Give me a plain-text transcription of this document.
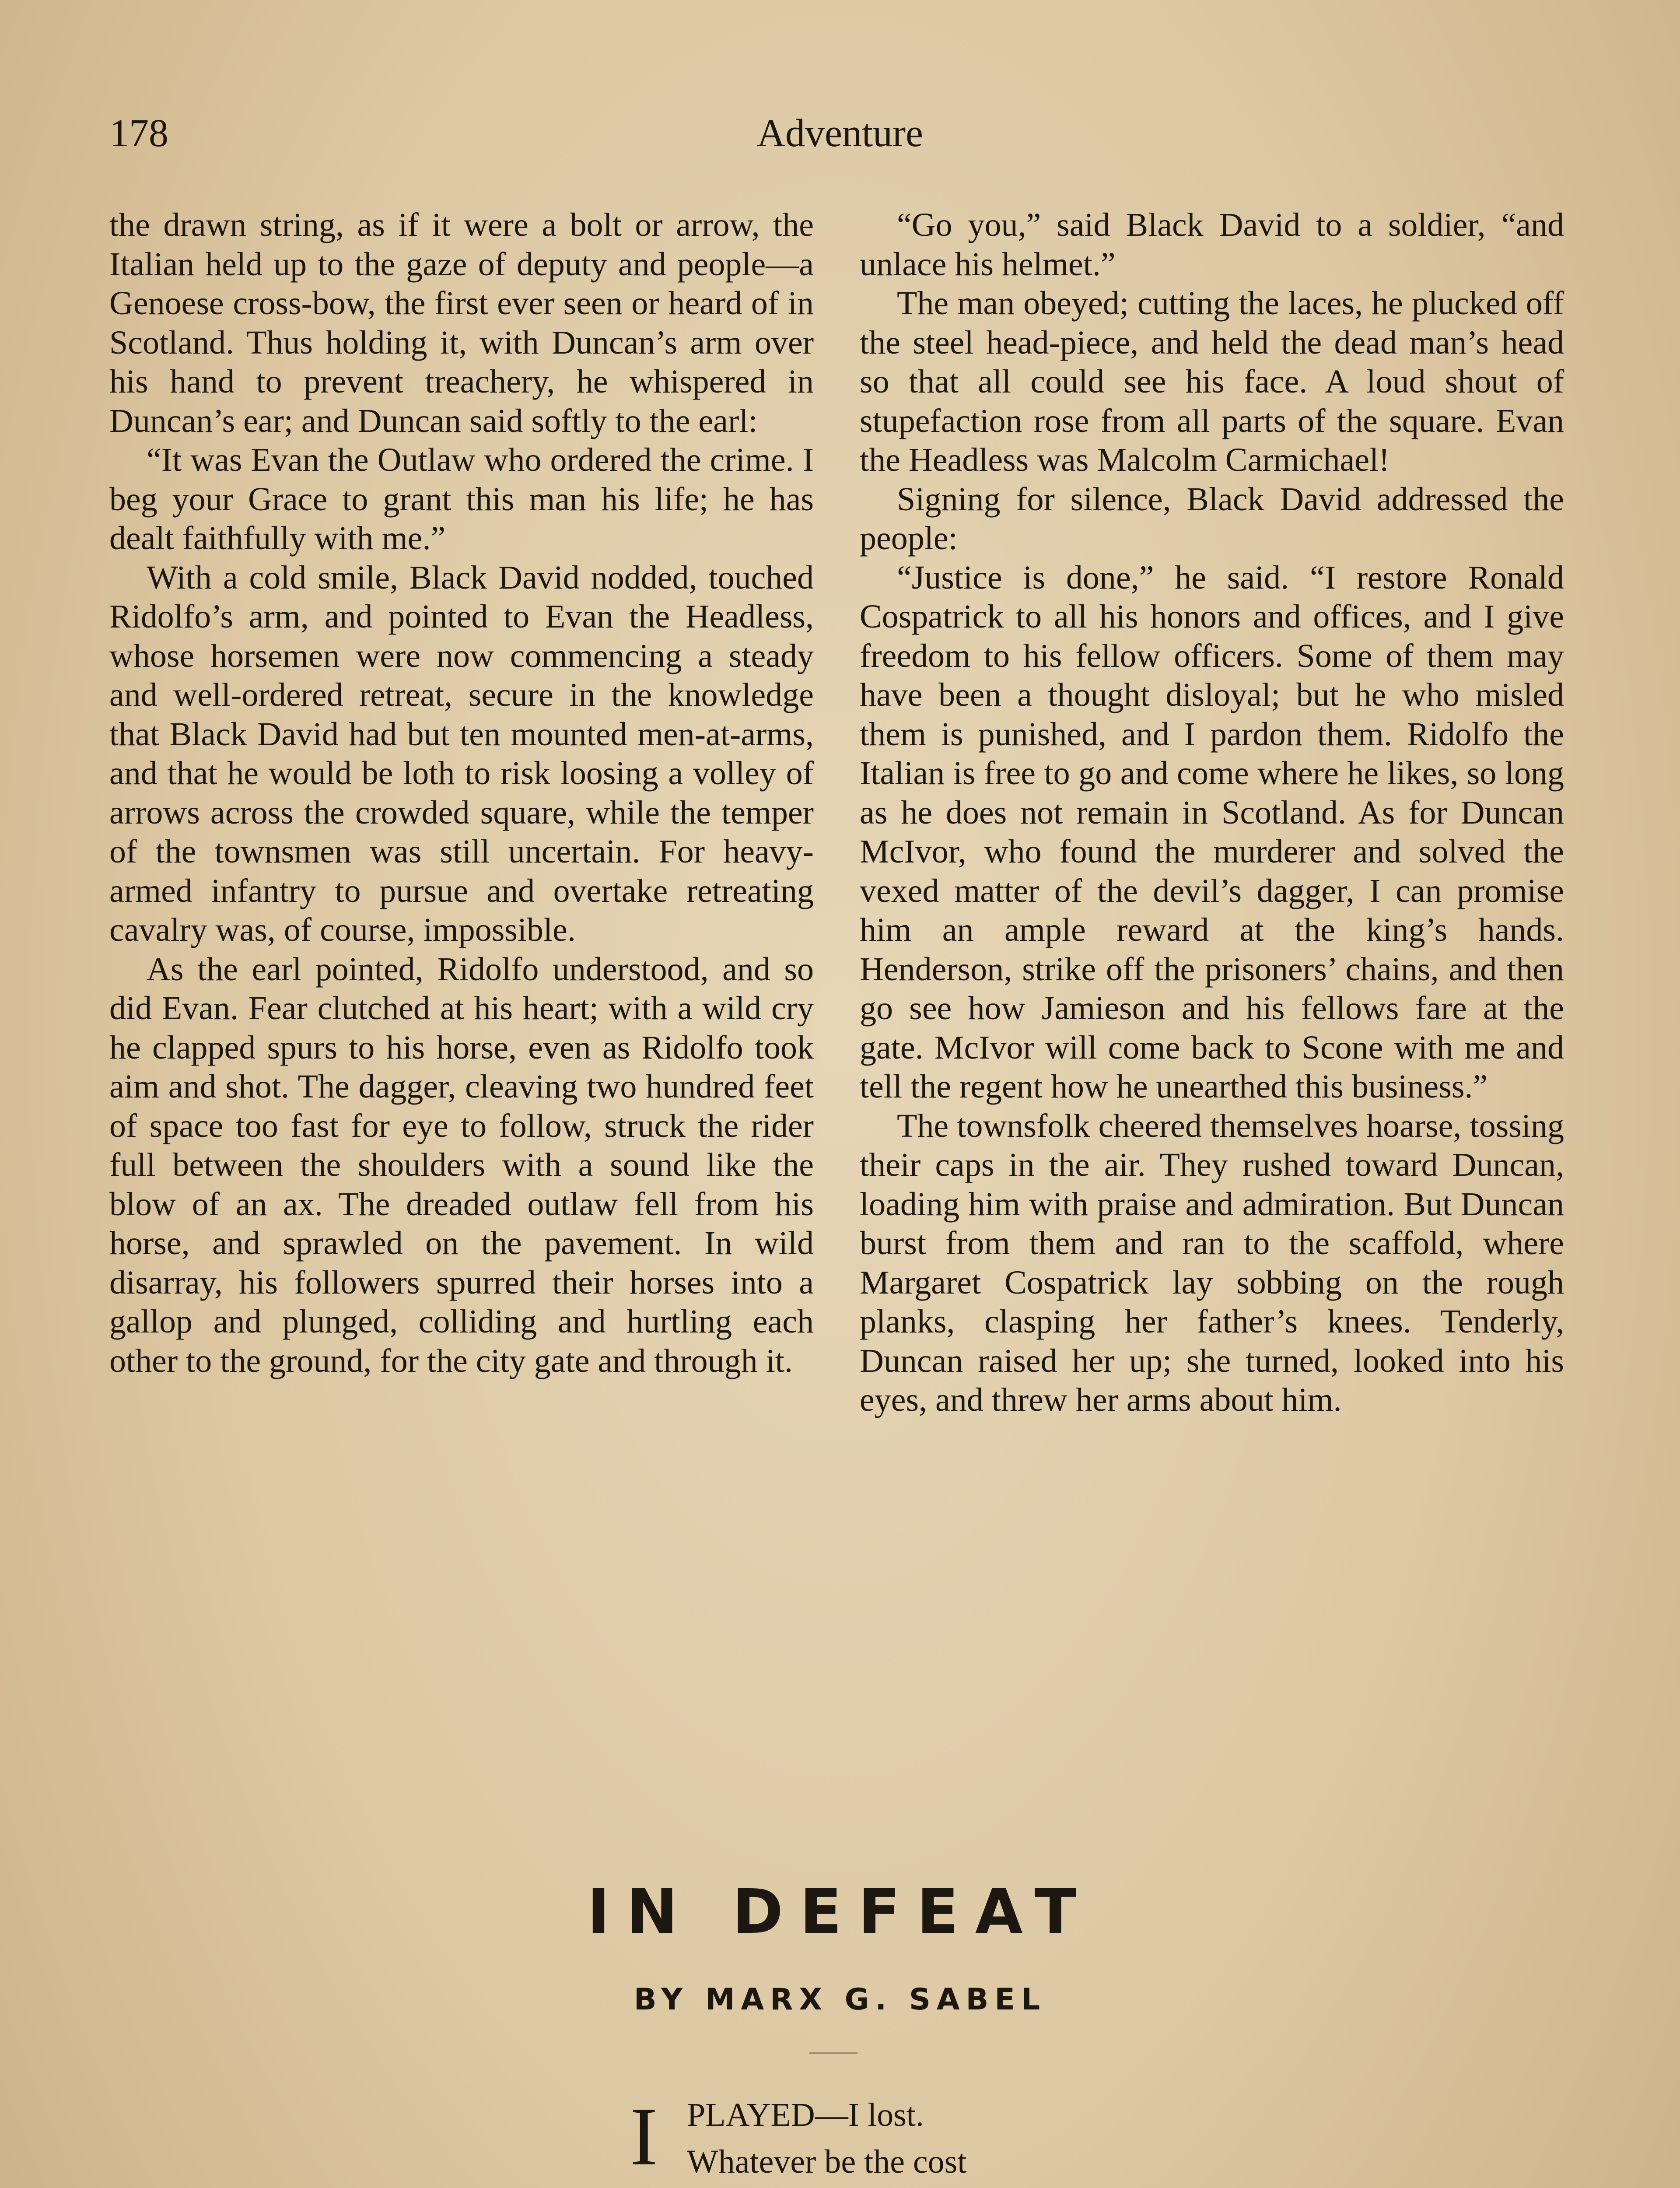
178	Adventure

the drawn string, as if it were a bolt or arrow, the Italian held up to the gaze of deputy and people—a Genoese cross-bow, the first ever seen or heard of in Scotland. Thus holding it, with Duncan’s arm over his hand to prevent treachery, he whispered in Duncan’s ear; and Duncan said softly to the earl:

“It was Evan the Outlaw who ordered the crime. I beg your Grace to grant this man his life; he has dealt faithfully with me.”

With a cold smile, Black David nodded, touched Ridolfo’s arm, and pointed to Evan the Headless, whose horsemen were now commencing a steady and well-ordered retreat, secure in the knowledge that Black David had but ten mounted men-at-arms, and that he would be loth to risk loosing a volley of arrows across the crowded square, while the temper of the townsmen was still uncertain. For heavy-armed infantry to pursue and overtake retreating cavalry was, of course, impossible.

As the earl pointed, Ridolfo understood, and so did Evan. Fear clutched at his heart; with a wild cry he clapped spurs to his horse, even as Ridolfo took aim and shot. The dagger, cleaving two hundred feet of space too fast for eye to follow, struck the rider full between the shoulders with a sound like the blow of an ax. The dreaded outlaw fell from his horse, and sprawled on the pavement. In wild disarray, his followers spurred their horses into a gallop and plunged, colliding and hurtling each other to the ground, for the city gate and through it.

“Go you,” said Black David to a soldier, “and unlace his helmet.”

The man obeyed; cutting the laces, he plucked off the steel head-piece, and held the dead man’s head so that all could see his face. A loud shout of stupefaction rose from all parts of the square. Evan the Headless was Malcolm Carmichael!

Signing for silence, Black David addressed the people:

“Justice is done,” he said. “I restore Ronald Cospatrick to all his honors and offices, and I give freedom to his fellow officers. Some of them may have been a thought disloyal; but he who misled them is punished, and I pardon them. Ridolfo the Italian is free to go and come where he likes, so long as he does not remain in Scotland. As for Duncan McIvor, who found the murderer and solved the vexed matter of the devil’s dagger, I can promise him an ample reward at the king’s hands. Henderson, strike off the prisoners’ chains, and then go see how Jamieson and his fellows fare at the gate. McIvor will come back to Scone with me and tell the regent how he unearthed this business.”

The townsfolk cheered themselves hoarse, tossing their caps in the air. They rushed toward Duncan, loading him with praise and admiration. But Duncan burst from them and ran to the scaffold, where Margaret Cospatrick lay sobbing on the rough planks, clasping her father’s knees. Tenderly, Duncan raised her up; she turned, looked into his eyes, and threw her arms about him.

IN DEFEAT
BY MARX G. SABEL
I PLAYED—I lost.
Whatever be the cost
